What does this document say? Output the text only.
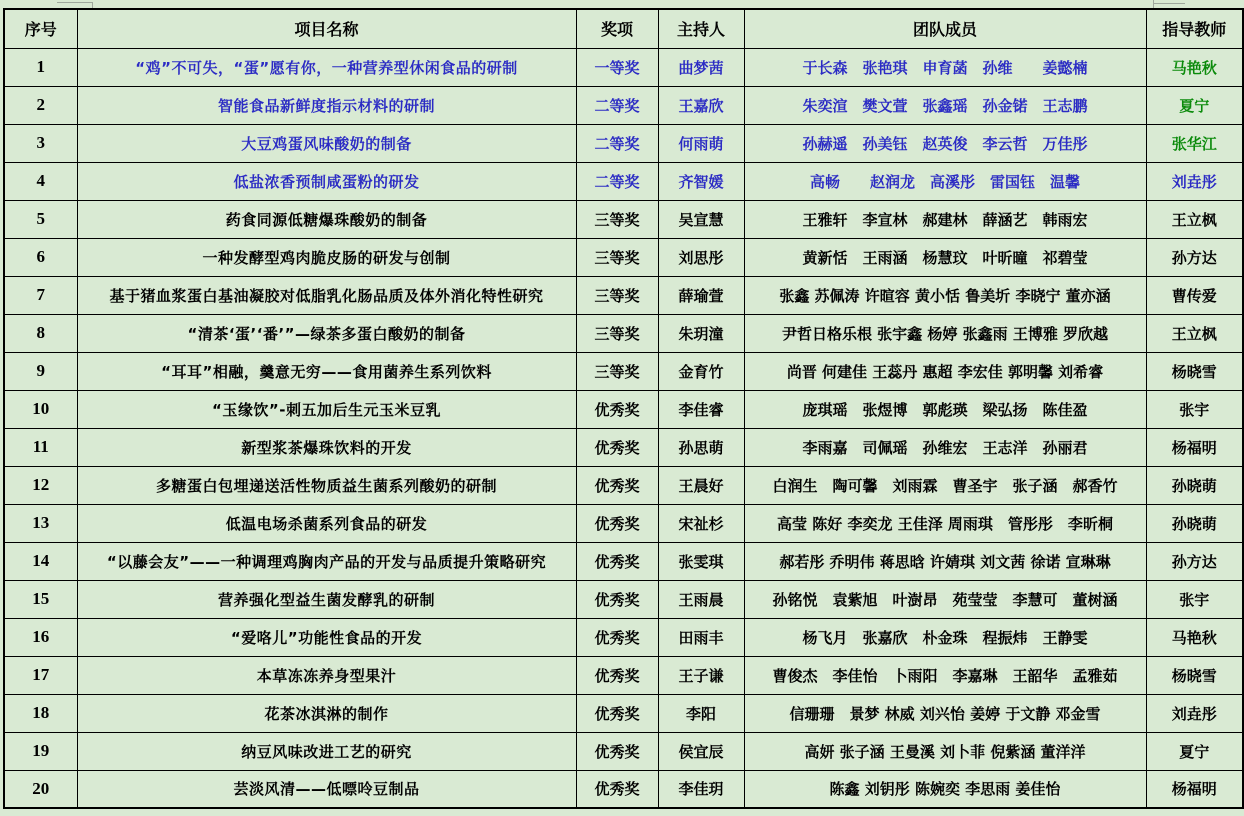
序号	项目名称	奖项	主持人	团队成员	指导教师
1	“鸡”不可失，“蛋”愿有你，一种营养型休闲食品的研制	一等奖	曲梦茜	于长森　张艳琪　申育菡　孙维　　姜懿楠	马艳秋
2	智能食品新鲜度指示材料的研制	二等奖	王嘉欣	朱奕渲　樊文萱　张鑫瑶　孙金锘　王志鹏	夏宁
3	大豆鸡蛋风味酸奶的制备	二等奖	何雨萌	孙赫遥　孙美钰　赵英俊　李云哲　万佳彤	张华江
4	低盐浓香预制咸蛋粉的研发	二等奖	齐智媛	高畅　　赵润龙　高溪彤　雷国钰　温馨	刘垚彤
5	药食同源低糖爆珠酸奶的制备	三等奖	吴宣慧	王雅轩　李宣林　郝建林　薛涵艺　韩雨宏	王立枫
6	一种发酵型鸡肉脆皮肠的研发与创制	三等奖	刘思彤	黄新恬　王雨涵　杨慧玟　叶昕曈　祁碧莹	孙方达
7	基于猪血浆蛋白基油凝胶对低脂乳化肠品质及体外消化特性研究	三等奖	薛瑜萱	张鑫 苏佩涛 许暄容 黄小恬 鲁美圻 李晓宁 董亦涵	曹传爱
8	“清茶‘蛋’‘番’”—绿茶多蛋白酸奶的制备	三等奖	朱玥潼	尹哲日格乐根 张宇鑫 杨婷 张鑫雨 王博雅 罗欣越	王立枫
9	“耳耳”相融，羹意无穷——食用菌养生系列饮料	三等奖	金育竹	尚晋 何建佳 王蕊丹 惠超 李宏佳 郭明馨 刘希睿	杨晓雪
10	“玉缘饮”-刺五加后生元玉米豆乳	优秀奖	李佳睿	庞琪瑶　张煜博　郭彪瑛　梁弘扬　陈佳盈	张宇
11	新型浆茶爆珠饮料的开发	优秀奖	孙思萌	李雨嘉　司佩瑶　孙维宏　王志洋　孙丽君	杨福明
12	多糖蛋白包埋递送活性物质益生菌系列酸奶的研制	优秀奖	王晨好	白润生　陶可馨　刘雨霖　曹圣宇　张子涵　郝香竹	孙晓萌
13	低温电场杀菌系列食品的研发	优秀奖	宋祉杉	高莹 陈好 李奕龙 王佳泽 周雨琪　管彤彤　李昕桐	孙晓萌
14	“以藤会友”——一种调理鸡胸肉产品的开发与品质提升策略研究	优秀奖	张雯琪	郝若彤 乔明伟 蒋思晗 许婧琪 刘文茜 徐诺 宣琳琳	孙方达
15	营养强化型益生菌发酵乳的研制	优秀奖	王雨晨	孙铭悦　袁紫旭　叶澍昂　苑莹莹　李慧可　董树涵	张宇
16	“爱咯儿”功能性食品的开发	优秀奖	田雨丰	杨飞月　张嘉欣　朴金珠　程振炜　王静雯	马艳秋
17	本草冻冻养身型果汁	优秀奖	王子谦	曹俊杰　李佳怡　卜雨阳　李嘉琳　王韶华　孟雅茹	杨晓雪
18	花茶冰淇淋的制作	优秀奖	李阳	信珊珊　景梦 林威 刘兴怡 姜婷 于文静 邓金雪	刘垚彤
19	纳豆风味改进工艺的研究	优秀奖	侯宜辰	高妍 张子涵 王曼溪 刘卜菲 倪紫涵 董洋洋	夏宁
20	芸淡风清——低嘌呤豆制品	优秀奖	李佳玥	陈鑫 刘钥彤 陈婉奕 李思雨 姜佳怡	杨福明
